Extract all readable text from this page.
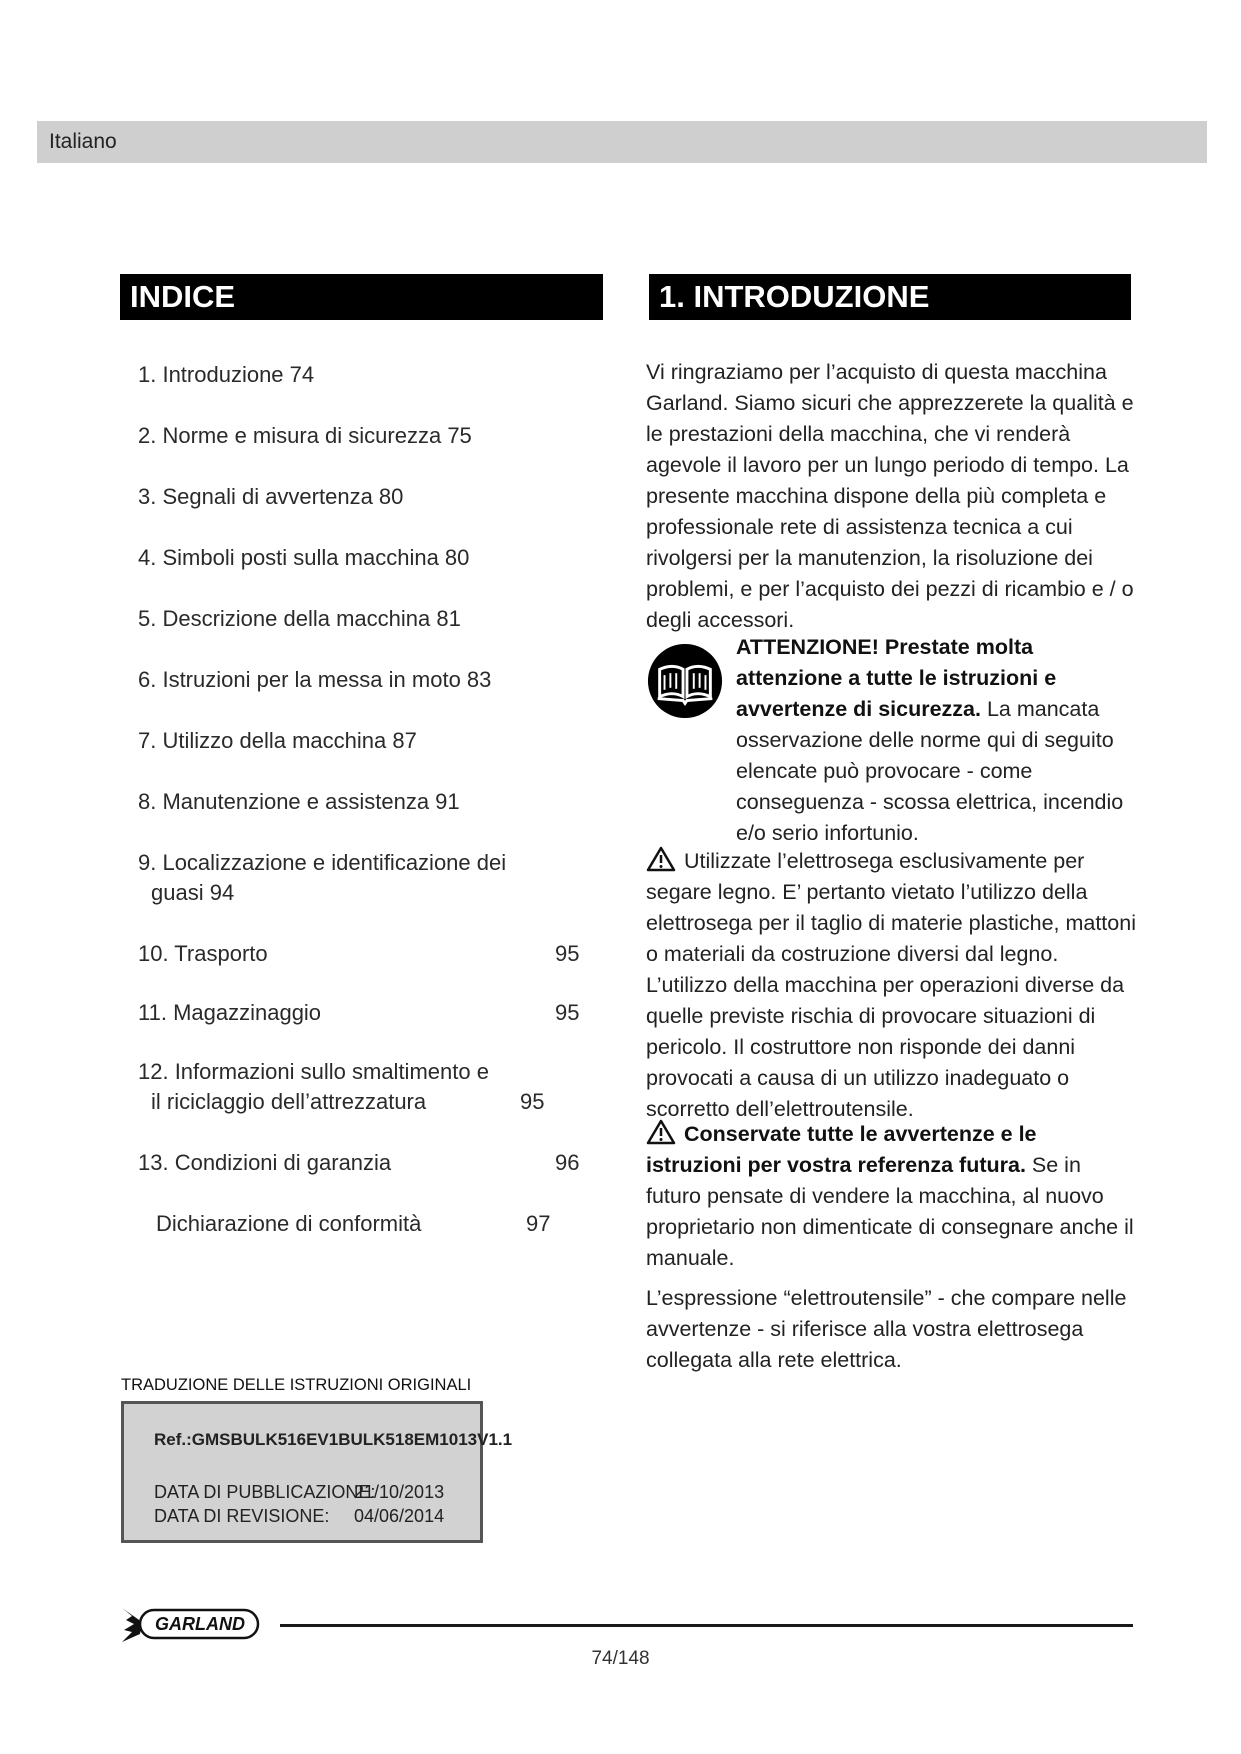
Italiano
INDICE	1. INTRODUZIONE
1. Introduzione 74
2. Norme e misura di sicurezza 75
3. Segnali di avvertenza 80
4. Simboli posti sulla macchina 80
5. Descrizione della macchina 81
6. Istruzioni per la messa in moto 83
7. Utilizzo della macchina 87
8. Manutenzione e assistenza 91
9. Localizzazione e identificazione dei
guasi 94
10. Trasporto	95
11. Magazzinaggio	95
12. Informazioni sullo smaltimento e
il riciclaggio dell’attrezzatura	95
13. Condizioni di garanzia	96
Dichiarazione di conformità	97
TRADUZIONE DELLE ISTRUZIONI ORIGINALI
Ref.:GMSBULK516EV1BULK518EM1013V1.1
DATA DI PUBBLICAZIONE:
21/10/2013
DATA DI REVISIONE: 04/06/2014
Vi ringraziamo per l’acquisto di questa macchina Garland. Siamo sicuri che apprezzerete la qualità e le prestazioni della macchina, che vi renderà agevole il lavoro per un lungo periodo di tempo. La presente macchina dispone della più completa e professionale rete di assistenza tecnica a cui rivolgersi per la manutenzion, la risoluzione dei problemi, e per l’acquisto dei pezzi di ricambio e / o degli accessori.
ATTENZIONE! Prestate molta attenzione a tutte le istruzioni e avvertenze di sicurezza. La mancata osservazione delle norme qui di seguito elencate può provocare - come conseguenza - scossa elettrica, incendio e/o serio infortunio.
Utilizzate l’elettrosega esclusivamente per segare legno. E’ pertanto vietato l’utilizzo della elettrosega per il taglio di materie plastiche, mattoni o materiali da costruzione diversi dal legno. L’utilizzo della macchina per operazioni diverse da quelle previste rischia di provocare situazioni di pericolo. Il costruttore non risponde dei danni provocati a causa di un utilizzo inadeguato o scorretto dell’elettroutensile.
Conservate tutte le avvertenze e le istruzioni per vostra referenza futura. Se in futuro pensate di vendere la macchina, al nuovo proprietario non dimenticate di consegnare anche il manuale.
L’espressione “elettroutensile” - che compare nelle avvertenze - si riferisce alla vostra elettrosega collegata alla rete elettrica.
GARLAND
74/148
